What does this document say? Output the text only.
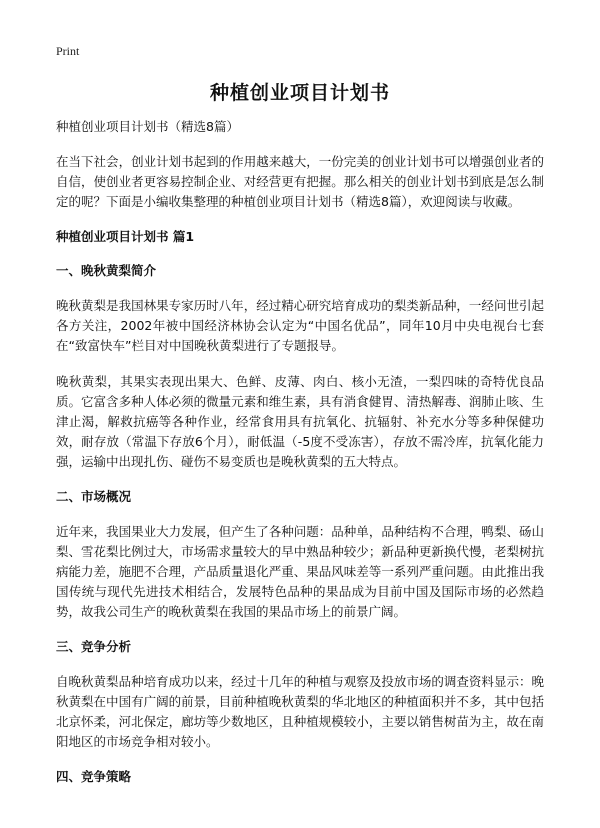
Print
种植创业项目计划书
种植创业项目计划书（精选8篇）

在当下社会，创业计划书起到的作用越来越大，一份完美的创业计划书可以增强创业者的自信，使创业者更容易控制企业、对经营更有把握。那么相关的创业计划书到底是怎么制定的呢？下面是小编收集整理的种植创业项目计划书（精选8篇），欢迎阅读与收藏。

种植创业项目计划书 篇1
一、晚秋黄梨简介

晚秋黄梨是我国林果专家历时八年，经过精心研究培育成功的梨类新品种，一经问世引起各方关注，2002年被中国经济林协会认定为“中国名优品”，同年10月中央电视台七套在“致富快车”栏目对中国晚秋黄梨进行了专题报导。

晚秋黄梨，其果实表现出果大、色鲜、皮薄、肉白、核小无渣，一梨四味的奇特优良品质。它富含多种人体必须的微量元素和维生素，具有消食健胃、清热解毒、润肺止咳、生津止渴，解救抗癌等各种作业，经常食用具有抗氧化、抗辐射、补充水分等多种保健功效，耐存放（常温下存放6个月），耐低温（-5度不受冻害），存放不需冷库，抗氧化能力强，运输中出现扎伤、碰伤不易变质也是晚秋黄梨的五大特点。

二、市场概况

近年来，我国果业大力发展，但产生了各种问题：品种单，品种结构不合理，鸭梨、砀山梨、雪花梨比例过大，市场需求量较大的早中熟品种较少；新品种更新换代慢，老梨树抗病能力差，施肥不合理，产品质量退化严重、果品风味差等一系列严重问题。由此推出我国传统与现代先进技术相结合，发展特色品种的果品成为目前中国及国际市场的必然趋势，故我公司生产的晚秋黄梨在我国的果品市场上的前景广阔。

三、竞争分析

自晚秋黄梨品种培育成功以来，经过十几年的种植与观察及投放市场的调查资料显示：晚秋黄梨在中国有广阔的前景，目前种植晚秋黄梨的华北地区的种植面积并不多，其中包括北京怀柔，河北保定，廊坊等少数地区，且种植规模较小，主要以销售树苗为主，故在南阳地区的市场竞争相对较小。

四、竞争策略
